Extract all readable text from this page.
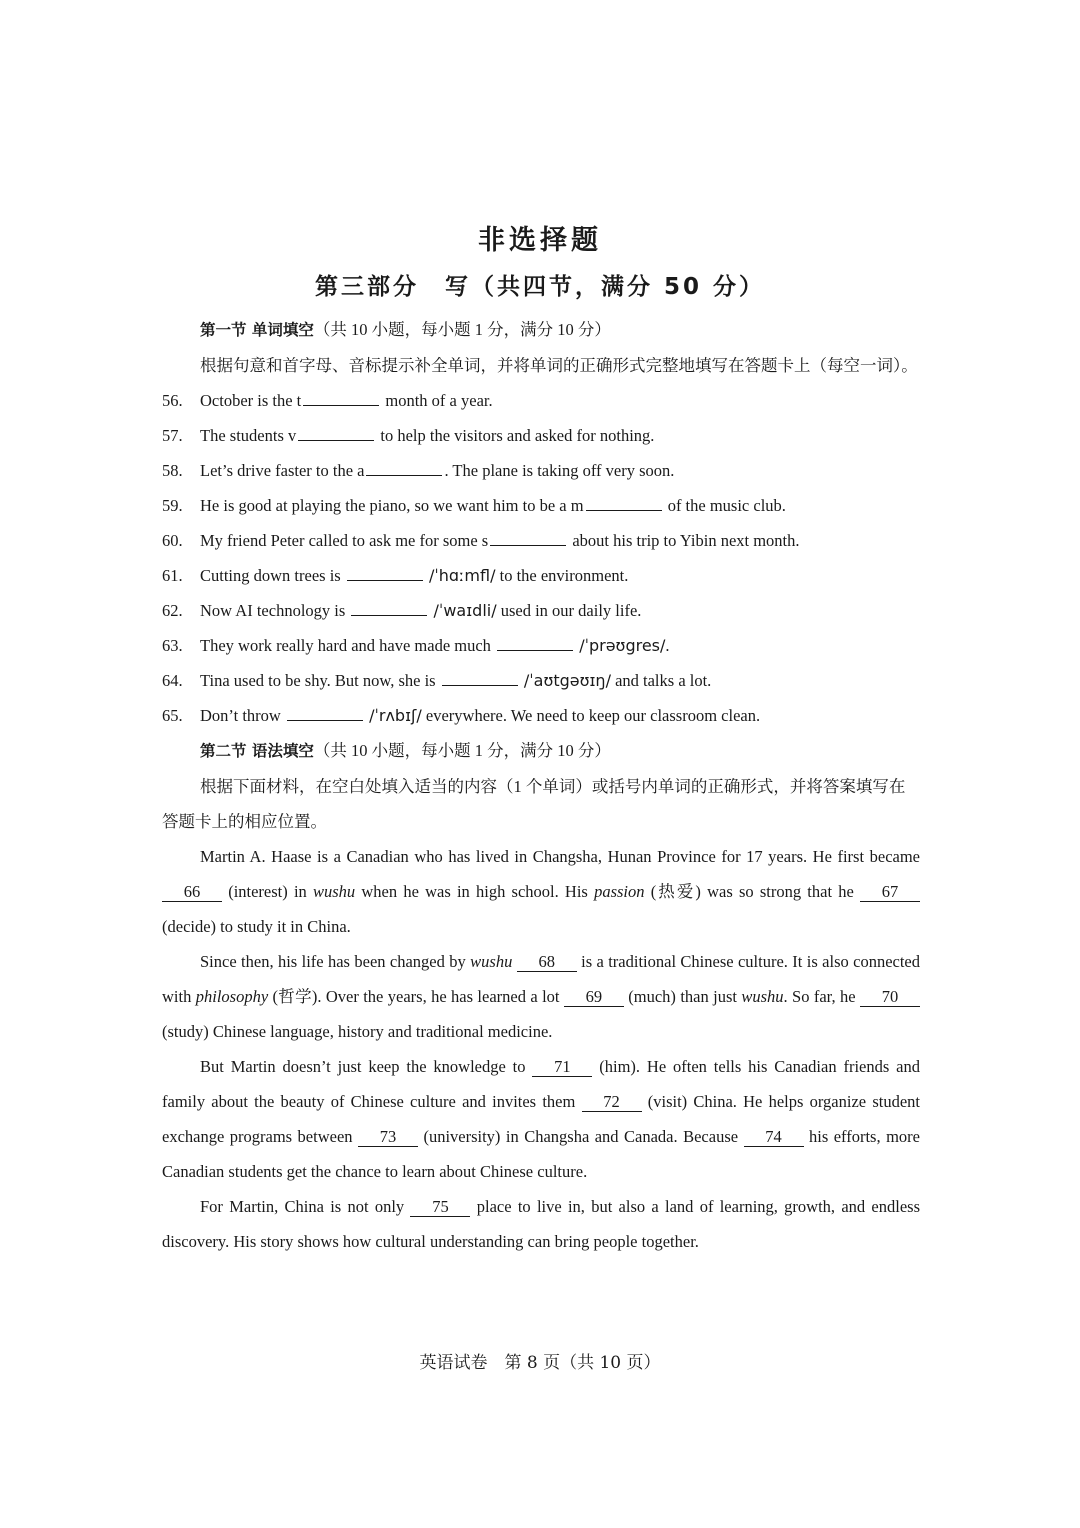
非选择题
第三部分　写（共四节，满分 50 分）
第一节 单词填空（共 10 小题，每小题 1 分，满分 10 分）
根据句意和首字母、音标提示补全单词，并将单词的正确形式完整地填写在答题卡上（每空一词）。
56. October is the t	month of a year.
57. The students v	to help the visitors and asked for nothing.
58. Let’s drive faster to the a	. The plane is taking off very soon.
59. He is good at playing the piano, so we want him to be a m	of the music club.
60. My friend Peter called to ask me for some s	about his trip to Yibin next month.
61. Cutting down trees is	/ˈhɑːmfl/ to the environment.
62. Now AI technology is	/ˈwaɪdli/ used in our daily life.
63. They work really hard and have made much	/ˈprəʊgres/.
64. Tina used to be shy. But now, she is	/ˈaʊtgəʊɪŋ/ and talks a lot.
65. Don’t throw	/ˈrʌbɪʃ/ everywhere. We need to keep our classroom clean.
第二节 语法填空（共 10 小题，每小题 1 分，满分 10 分）
根据下面材料，在空白处填入适当的内容（1 个单词）或括号内单词的正确形式，并将答案填写在答题卡上的相应位置。
Martin A. Haase is a Canadian who has lived in Changsha, Hunan Province for 17 years. He first became 66 (interest) in wushu when he was in high school. His passion (热爱) was so strong that he 67 (decide) to study it in China.
Since then, his life has been changed by wushu 68 is a traditional Chinese culture. It is also connected with philosophy (哲学). Over the years, he has learned a lot 69 (much) than just wushu. So far, he 70 (study) Chinese language, history and traditional medicine.
But Martin doesn’t just keep the knowledge to 71 (him). He often tells his Canadian friends and family about the beauty of Chinese culture and invites them 72 (visit) China. He helps organize student exchange programs between 73 (university) in Changsha and Canada. Because 74 his efforts, more Canadian students get the chance to learn about Chinese culture.
For Martin, China is not only 75 place to live in, but also a land of learning, growth, and endless discovery. His story shows how cultural understanding can bring people together.
英语试卷　第 8 页（共 10 页）
